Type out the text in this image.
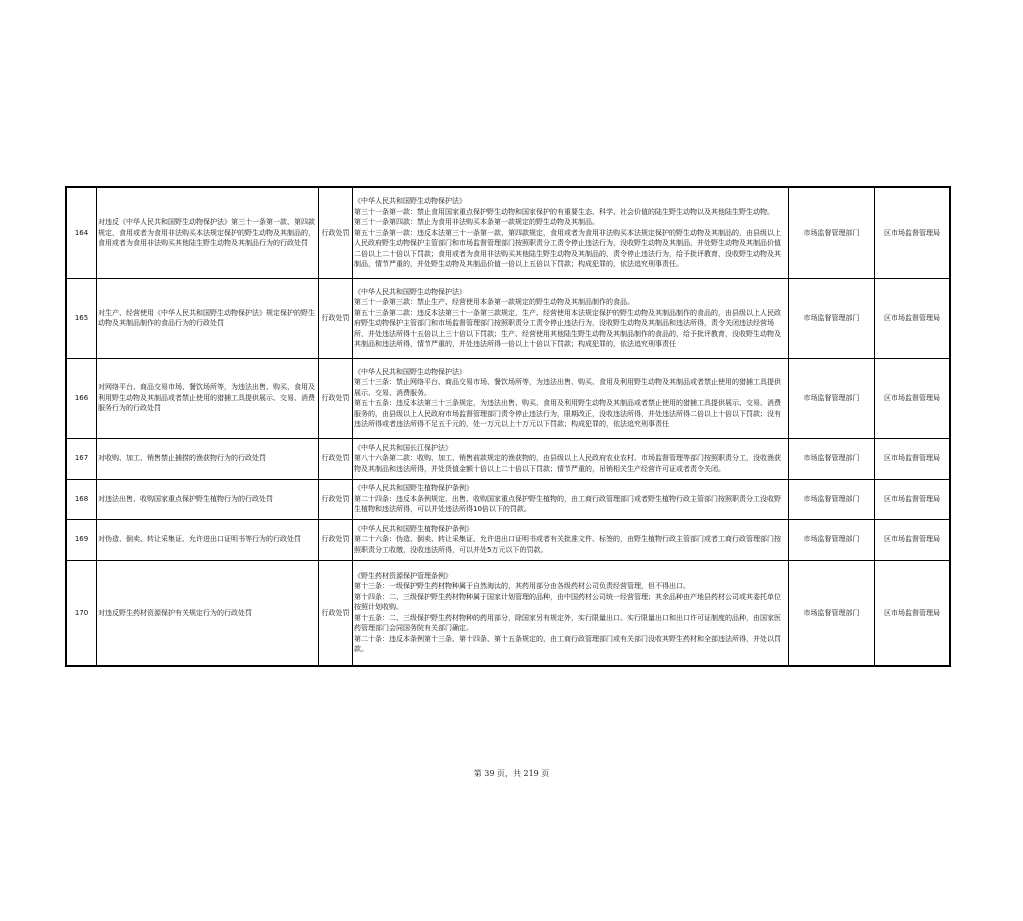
164	对违反《中华人民共和国野生动物保护法》第三十一条第一款、第四款规定，食用或者为食用非法购买本法规定保护的野生动物及其制品的，食用或者为食用非法购买其他陆生野生动物及其制品行为的行政处罚	行政处罚	《中华人民共和国野生动物保护法》
第三十一条第一款：禁止食用国家重点保护野生动物和国家保护的有重要生态、科学、社会价值的陆生野生动物以及其他陆生野生动物。
第三十一条第四款：禁止为食用非法购买本条第一款规定的野生动物及其制品。
第五十三条第一款：违反本法第三十一条第一款、第四款规定，食用或者为食用非法购买本法规定保护的野生动物及其制品的，由县级以上人民政府野生动物保护主管部门和市场监督管理部门按照职责分工责令停止违法行为，没收野生动物及其制品，并处野生动物及其制品价值二倍以上二十倍以下罚款；食用或者为食用非法购买其他陆生野生动物及其制品的，责令停止违法行为，给予批评教育，没收野生动物及其制品，情节严重的，并处野生动物及其制品价值一倍以上五倍以下罚款；构成犯罪的，依法追究刑事责任。	市场监督管理部门	区市场监督管理局
165	对生产、经营使用《中华人民共和国野生动物保护法》规定保护的野生动物及其制品制作的食品行为的行政处罚	行政处罚	《中华人民共和国野生动物保护法》
第三十一条第三款：禁止生产、经营使用本条第一款规定的野生动物及其制品制作的食品。
第五十三条第二款：违反本法第三十一条第三款规定，生产、经营使用本法规定保护的野生动物及其制品制作的食品的，由县级以上人民政府野生动物保护主管部门和市场监督管理部门按照职责分工责令停止违法行为，没收野生动物及其制品和违法所得，责令关闭违法经营场所，并处违法所得十五倍以上三十倍以下罚款；生产、经营使用其他陆生野生动物及其制品制作的食品的，给予批评教育，没收野生动物及其制品和违法所得，情节严重的，并处违法所得一倍以上十倍以下罚款；构成犯罪的，依法追究刑事责任	市场监督管理部门	区市场监督管理局
166	对网络平台、商品交易市场、餐饮场所等，为违法出售、购买、食用及利用野生动物及其制品或者禁止使用的猎捕工具提供展示、交易、消费服务行为的行政处罚	行政处罚	《中华人民共和国野生动物保护法》
第三十三条：禁止网络平台、商品交易市场、餐饮场所等，为违法出售、购买、食用及利用野生动物及其制品或者禁止使用的猎捕工具提供展示、交易、消费服务。
第五十五条：违反本法第三十三条规定，为违法出售、购买、食用及利用野生动物及其制品或者禁止使用的猎捕工具提供展示、交易、消费服务的，由县级以上人民政府市场监督管理部门责令停止违法行为，限期改正，没收违法所得，并处违法所得二倍以上十倍以下罚款；没有违法所得或者违法所得不足五千元的，处一万元以上十万元以下罚款；构成犯罪的，依法追究刑事责任	市场监督管理部门	区市场监督管理局
167	对收购、加工、销售禁止捕捞的渔获物行为的行政处罚	行政处罚	《中华人民共和国长江保护法》
第八十六条第二款：收购、加工、销售前款规定的渔获物的，由县级以上人民政府农业农村、市场监督管理等部门按照职责分工，没收渔获物及其制品和违法所得，并处货值金额十倍以上二十倍以下罚款；情节严重的，吊销相关生产经营许可证或者责令关闭。	市场监督管理部门	区市场监督管理局
168	对违法出售、收购国家重点保护野生植物行为的行政处罚	行政处罚	《中华人民共和国野生植物保护条例》
第二十四条：违反本条例规定，出售、收购国家重点保护野生植物的，由工商行政管理部门或者野生植物行政主管部门按照职责分工没收野生植物和违法所得，可以并处违法所得10倍以下的罚款。	市场监督管理部门	区市场监督管理局
169	对伪造、倒卖、转让采集证、允许进出口证明书等行为的行政处罚	行政处罚	《中华人民共和国野生植物保护条例》
第二十六条：伪造、倒卖、转让采集证、允许进出口证明书或者有关批准文件、标签的，由野生植物行政主管部门或者工商行政管理部门按照职责分工收缴，没收违法所得，可以并处5万元以下的罚款。	市场监督管理部门	区市场监督管理局
170	对违反野生药材资源保护有关规定行为的行政处罚	行政处罚	《野生药材资源保护管理条例》
第十三条：一级保护野生药材物种属于自然淘汰的，其药用部分由各级药材公司负责经营管理，但不得出口。
第十四条：二、三级保护野生药材物种属于国家计划管理的品种，由中国药材公司统一经营管理；其余品种由产地县药材公司或其委托单位按照计划收购。
第十五条：二、三级保护野生药材物种的药用部分，除国家另有规定外，实行限量出口。实行限量出口和出口许可证制度的品种，由国家医药管理部门会同国务院有关部门确定。
第二十条：违反本条例第十三条、第十四条、第十五条规定的，由工商行政管理部门或有关部门没收其野生药材和全部违法所得，并处以罚款。	市场监督管理部门	区市场监督管理局
第 39 页，共 219 页
